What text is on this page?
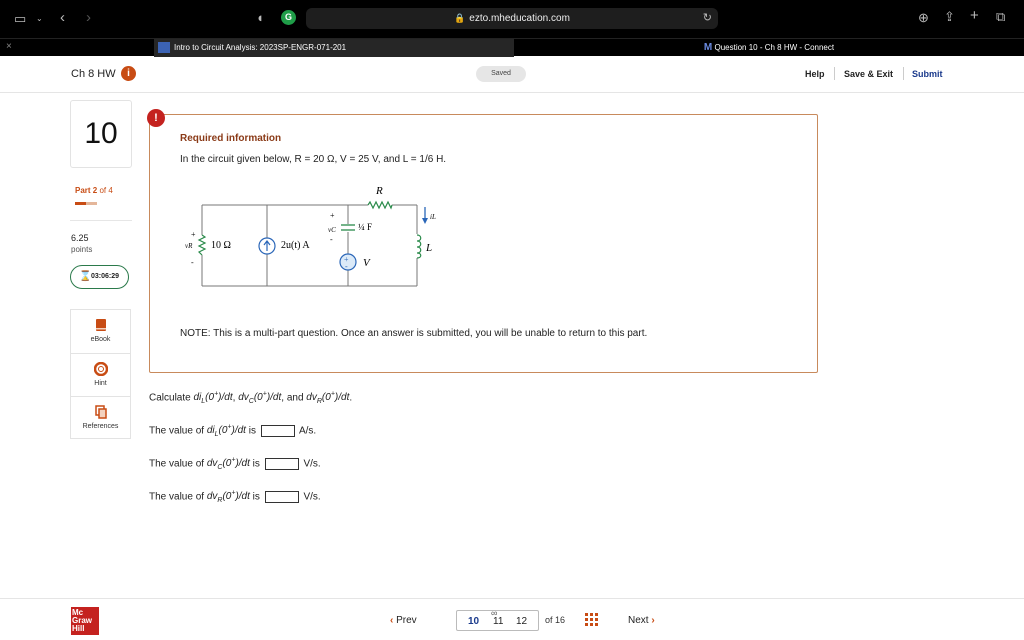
▭ ⌄ ‹ ›	◖	G	🔒 ezto.mheducation.com	↻	⊕ ⇪ + ⧉
×	Intro to Circuit Analysis: 2023SP-ENGR-071-201	M Question 10 - Ch 8 HW - Connect
Ch 8 HW	i	Saved	Help Save & Exit Submit
10
Part 2 of 4
6.25
points
⌛ 03:06:29
eBook
Hint
References
!
Required information
In the circuit given below, R = 20 Ω, V = 25 V, and L = 1/6 H.
10 Ω
vR
+
-
2u(t) A
¼ F
vC
+
-
+
- V
R
L
iL
NOTE: This is a multi-part question. Once an answer is submitted, you will be unable to return to this part.
Calculate $di_L(0^+)/dt$, $dv_C(0^+)/dt$, and $dv_R(0^+)/dt$.
The value of $di_L(0^+)/dt$ is	A/s.
The value of $dv_C(0^+)/dt$ is	V/s.
The value of $dv_R(0^+)/dt$ is	V/s.
Mc
Graw
Hill
‹ Prev	10
∞
11 12 of 16	Next ›
